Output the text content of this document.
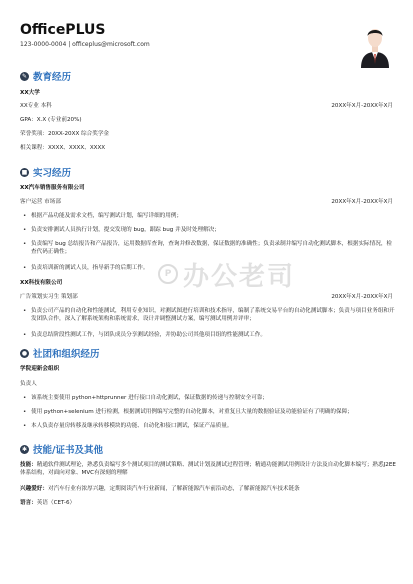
OfficePLUS
123-0000-0004 | officeplus@microsoft.com
✎ 教育经历
XX大学
XX专业 本科	20XX年X月-20XX年X月
GPA：X.X (专业前20%)
荣誉奖项：20XX-20XX 综合奖学金
相关课程：XXXX、XXXX、XXXX
■ 实习经历
XX汽车销售服务有限公司
客户运营 市场部	20XX年X月-20XX年X月
• 根据产品功能及需求文档，编写测试计划，编写详细的用例；
• 负责安排测试人员执行计划，提交发现的 bug，跟踪 bug 并及时处理解决；
• 负责编写 bug 总结报告和产品报告，运用数据库查询，查询并修改数据，保证数据的准确性；负责录制并编写自动化测试脚本，根据实际情况，检查代码正确性；
• 负责培训新的测试人员，指导新手的后期工作。
XX科技有限公司
广告策划实习生 策划部	20XX年X月-20XX年X月
• 负责公司产品的自动化和性能测试，利用专业知识，对测试图进行培训和技术指导，编制了系统交易平台的自动化测试脚本；负责与项目业务组和开发团队合作，深入了解系统架构和系统需求，设计并调整测试方案，编写测试用例并评审；
• 负责总结阶段性测试工作，与团队成员分享测试经验，并协助公司其他项目组的性能测试工作。
● 社团和组织经历
学院迎新会组织
负责人
• 该系统主要使用 python+httprunner 进行接口自动化测试，保证数据的传递与控制安全可靠；
• 使用 python+selenium 进行检测，根据测试用例编写完整的自动化脚本，对重复且大量的数据验证及功能验证有了明确的保障；
• 本人负责存量房转移及继承转移模块的功能、自动化和接口测试，保证产品质量。
✱ 技能/证书及其他
技能：精通软件测试理论，熟悉负责编写多个测试项目的测试策略、测试计划及测试过程管理；精通功能测试用例设计方法及自动化脚本编写；熟悉J2EE体系结构，对面向对象、MVC有深刻的理解
兴趣爱好：对汽车行业有浓厚兴趣，定期阅读汽车行业新闻，了解新能源汽车前沿动态，了解新能源汽车技术链条
语言：英语（CET-6）
P 办公老司
